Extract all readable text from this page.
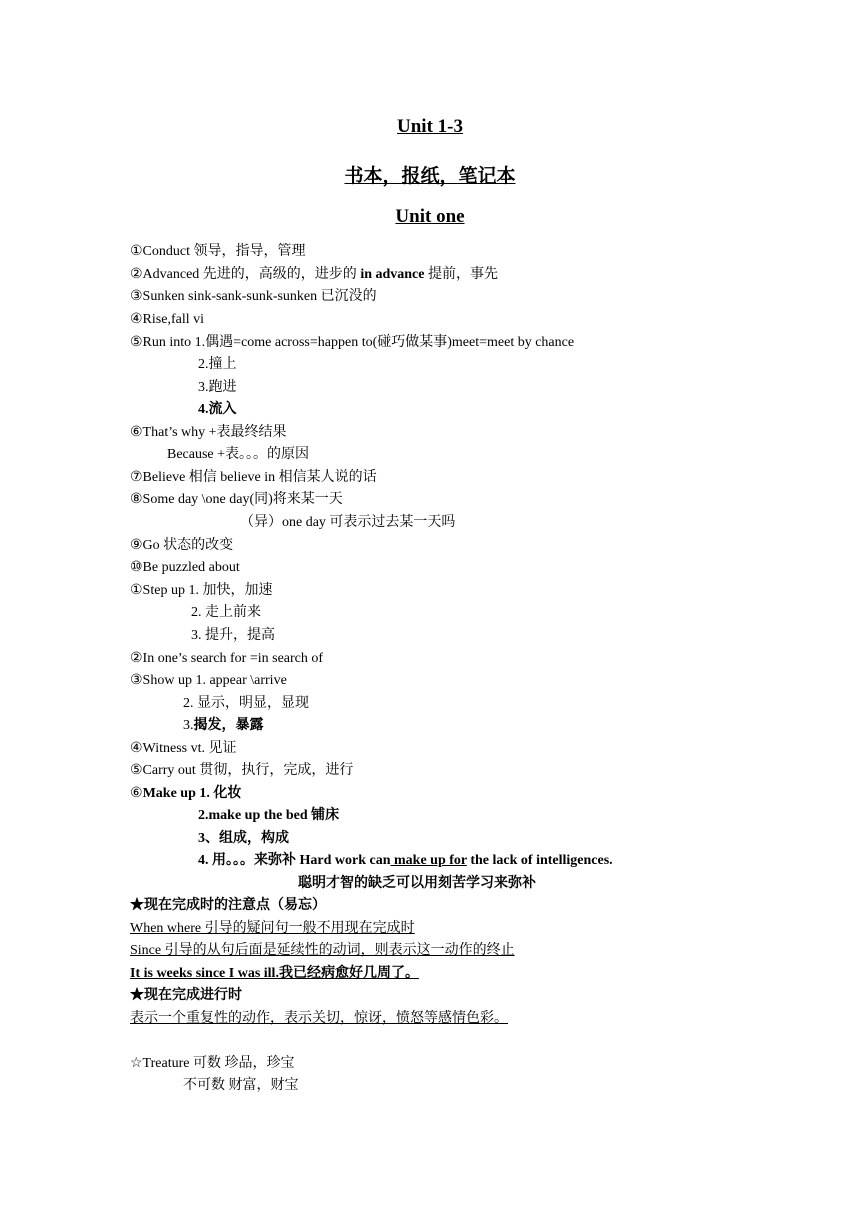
Unit 1-3
书本，报纸，笔记本
Unit one
①Conduct 领导，指导，管理
②Advanced 先进的，高级的，进步的 in advance 提前，事先
③Sunken sink-sank-sunk-sunken 已沉没的
④Rise,fall vi
⑤Run into 1.偶遇=come across=happen to(碰巧做某事)meet=meet by chance
2.撞上
3.跑进
4.流入
⑥That’s why +表最终结果
Because +表。。。的原因
⑦Believe 相信 believe in 相信某人说的话
⑧Some day \one day(同)将来某一天
（异）one day 可表示过去某一天吗
⑨Go 状态的改变
⑩Be puzzled about
①Step up 1. 加快，加速
2. 走上前来
3. 提升，提高
②In one’s search for =in search of
③Show up 1. appear \arrive
2. 显示，明显，显现
3.揭发，暴露
④Witness vt. 见证
⑤Carry out 贯彻，执行，完成，进行
⑥Make up 1. 化妆
2.make up the bed 铺床
3、组成，构成
4. 用。。。来弥补 Hard work can make up for the lack of intelligences.
聪明才智的缺乏可以用刻苦学习来弥补
★现在完成时的注意点（易忘）
When where 引导的疑问句一般不用现在完成时
Since 引导的从句后面是延续性的动词，则表示这一动作的终止
It is weeks since I was ill.我已经病愈好几周了。
★现在完成进行时
表示一个重复性的动作，表示关切，惊讶，愤怒等感情色彩。
☆Treature 可数 珍品，珍宝
不可数 财富，财宝
